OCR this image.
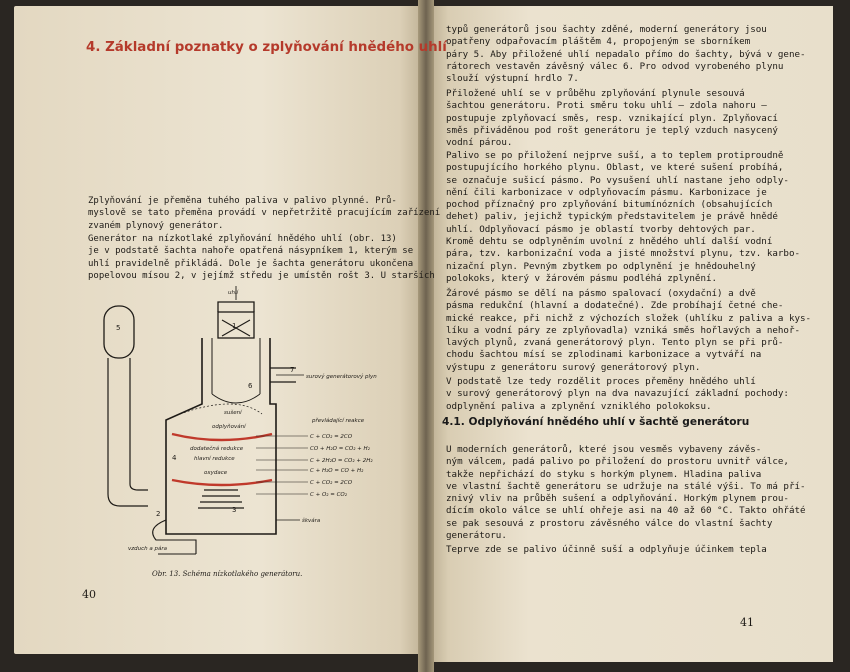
4. Základní poznatky o zplyňování hnědého uhlí
Zplyňování je přeměna tuhého paliva v palivo plynné. Prů-
myslově se tato přeměna provádí v nepřetržitě pracujícím zařízení
zvaném plynový generátor.
Generátor na nízkotlaké zplyňování hnědého uhlí (obr. 13)
je v podstatě šachta nahoře opatřená násypníkem 1, kterým se
uhlí pravidelně přikládá. Dole je šachta generátoru ukončena
popelovou mísou 2, v jejímž středu je umístěn rošt 3. U starších
uhlí
surový generátorový plyn
převládající reakce
sušení
odplyňování
dodatečná redukce
hlavní redukce
oxydace
C + CO₂ = 2CO
CO + H₂O = CO₂ + H₂
C + 2H₂O = CO₂ + 2H₂
C + H₂O = CO + H₂
C + CO₂ = 2CO
C + O₂ = CO₂
škvára
vzduch a pára
1
2	3
4
5
6
7
Obr. 13. Schéma nízkotlakého generátoru.
40
typů generátorů jsou šachty zděné, moderní generátory jsou
opatřeny odpařovacím pláštěm 4, propojeným se sborníkem
páry 5. Aby přiložené uhlí nepadalo přímo do šachty, bývá v gene-
rátorech vestavěn závěsný válec 6. Pro odvod vyrobeného plynu
slouží výstupní hrdlo 7.
Přiložené uhlí se v průběhu zplyňování plynule sesouvá
šachtou generátoru. Proti směru toku uhlí – zdola nahoru –
postupuje zplyňovací směs, resp. vznikající plyn. Zplyňovací
směs přiváděnou pod rošt generátoru je teplý vzduch nasycený
vodní párou.
Palivo se po přiložení nejprve suší, a to teplem protiproudně
postupujícího horkého plynu. Oblast, ve které sušení probíhá,
se označuje sušicí pásmo. Po vysušení uhlí nastane jeho odply-
nění čili karbonizace v odplyňovacím pásmu. Karbonizace je
pochod příznačný pro zplyňování bitumínózních (obsahujících
dehet) paliv, jejichž typickým představitelem je právě hnědé
uhlí. Odplyňovací pásmo je oblastí tvorby dehtových par.
Kromě dehtu se odplyněním uvolní z hnědého uhlí další vodní
pára, tzv. karbonizační voda a jisté množství plynu, tzv. karbo-
nizační plyn. Pevným zbytkem po odplynění je hnědouhelný
polokoks, který v žárovém pásmu podléhá zplynění.
Žárové pásmo se dělí na pásmo spalovací (oxydační) a dvě
pásma redukční (hlavní a dodatečné). Zde probíhají četné che-
mické reakce, při nichž z výchozích složek (uhlíku z paliva a kys-
líku a vodní páry ze zplyňovadla) vzniká směs hořlavých a nehoř-
lavých plynů, zvaná generátorový plyn. Tento plyn se při prů-
chodu šachtou mísí se zplodinami karbonizace a vytváří na
výstupu z generátoru surový generátorový plyn.
V podstatě lze tedy rozdělit proces přeměny hnědého uhlí
v surový generátorový plyn na dva navazující základní pochody:
odplynění paliva a zplynění vzniklého polokoksu.
4.1. Odplyňování hnědého uhlí v šachtě generátoru
U moderních generátorů, které jsou vesměs vybaveny závěs-
ným válcem, padá palivo po přiložení do prostoru uvnitř válce,
takže nepřichází do styku s horkým plynem. Hladina paliva
ve vlastní šachtě generátoru se udržuje na stálé výši. To má pří-
znivý vliv na průběh sušení a odplyňování. Horkým plynem prou-
dícím okolo válce se uhlí ohřeje asi na 40 až 60 °C. Takto ohřáté
se pak sesouvá z prostoru závěsného válce do vlastní šachty
generátoru.
Teprve zde se palivo účinně suší a odplyňuje účinkem tepla
41
